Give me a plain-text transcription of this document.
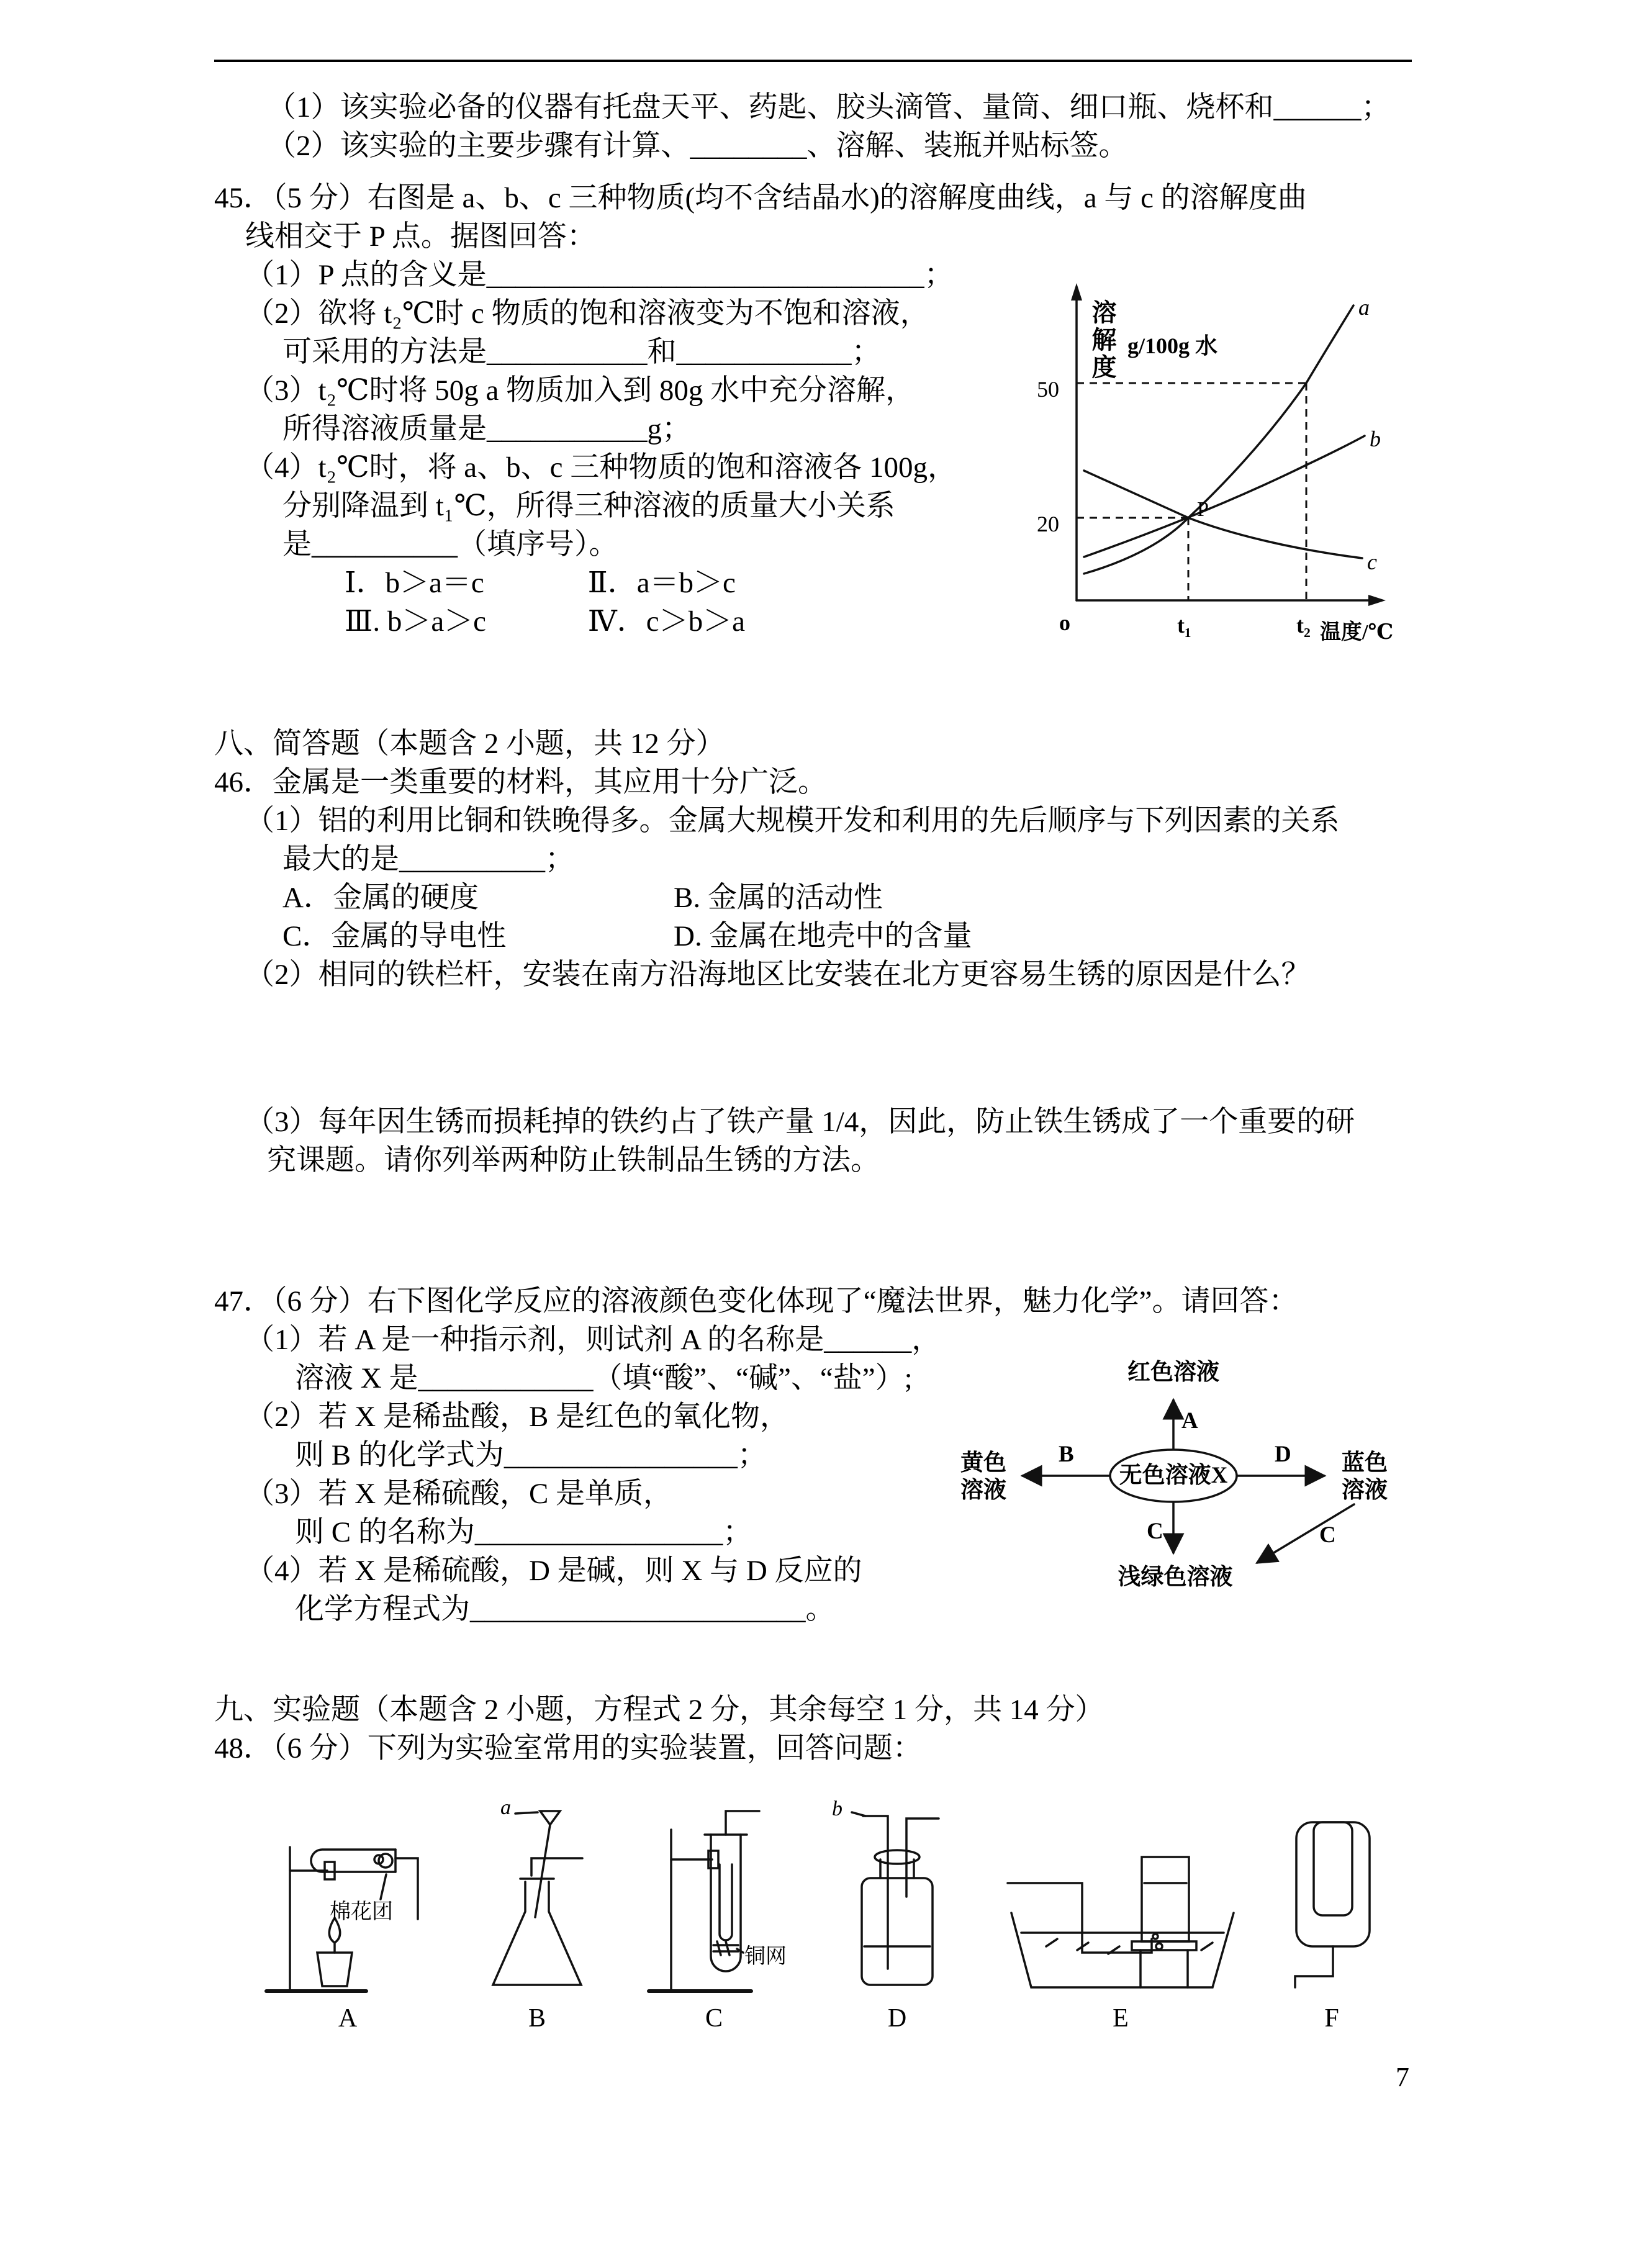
（1）该实验必备的仪器有托盘天平、药匙、胶头滴管、量筒、细口瓶、烧杯和______；
（2）该实验的主要步骤有计算、________、溶解、装瓶并贴标签。
45．（5 分）右图是 a、b、c 三种物质(均不含结晶水)的溶解度曲线，a 与 c 的溶解度曲
线相交于 P 点。据图回答：
（1）P 点的含义是______________________________；
（2）欲将 t₂℃时 c 物质的饱和溶液变为不饱和溶液，
可采用的方法是___________和____________；
（3）t₂℃时将 50g a 物质加入到 80g 水中充分溶解，
所得溶液质量是___________g；
（4）t₂℃时，将 a、b、c 三种物质的饱和溶液各 100g，
分别降温到 t₁℃，所得三种溶液的质量大小关系
是__________（填序号）。
Ⅰ．b＞a＝c	Ⅱ．a＝b＞c
Ⅲ. b＞a＞c	Ⅳ．c＞b＞a
溶解度 g/100g 水
50
20
o	t₁	t₂ 温度/℃
P
a
b
c
八、简答题（本题含 2 小题，共 12 分）
46．金属是一类重要的材料，其应用十分广泛。
（1）铝的利用比铜和铁晚得多。金属大规模开发和利用的先后顺序与下列因素的关系
最大的是__________；
A．金属的硬度	B. 金属的活动性
C．金属的导电性	D. 金属在地壳中的含量
（2）相同的铁栏杆，安装在南方沿海地区比安装在北方更容易生锈的原因是什么？
（3）每年因生锈而损耗掉的铁约占了铁产量 1/4，因此，防止铁生锈成了一个重要的研
究课题。请你列举两种防止铁制品生锈的方法。
47．（6 分）右下图化学反应的溶液颜色变化体现了“魔法世界，魅力化学”。请回答：
（1）若 A 是一种指示剂，则试剂 A 的名称是______，
溶液 X 是____________（填“酸”、“碱”、“盐”）;
（2）若 X 是稀盐酸，B 是红色的氧化物，
则 B 的化学式为________________；
（3）若 X 是稀硫酸，C 是单质，
则 C 的名称为_________________；
（4）若 X 是稀硫酸，D 是碱，则 X 与 D 反应的
化学方程式为_______________________。
红色溶液
A
黄色
溶液
B
无色溶液X
D 蓝色
溶液
C	C
浅绿色溶液
九、实验题（本题含 2 小题，方程式 2 分，其余每空 1 分，共 14 分）
48．（6 分）下列为实验室常用的实验装置，回答问题：
棉花团
A
a
B
铜网
C
b
D	E	F
7
